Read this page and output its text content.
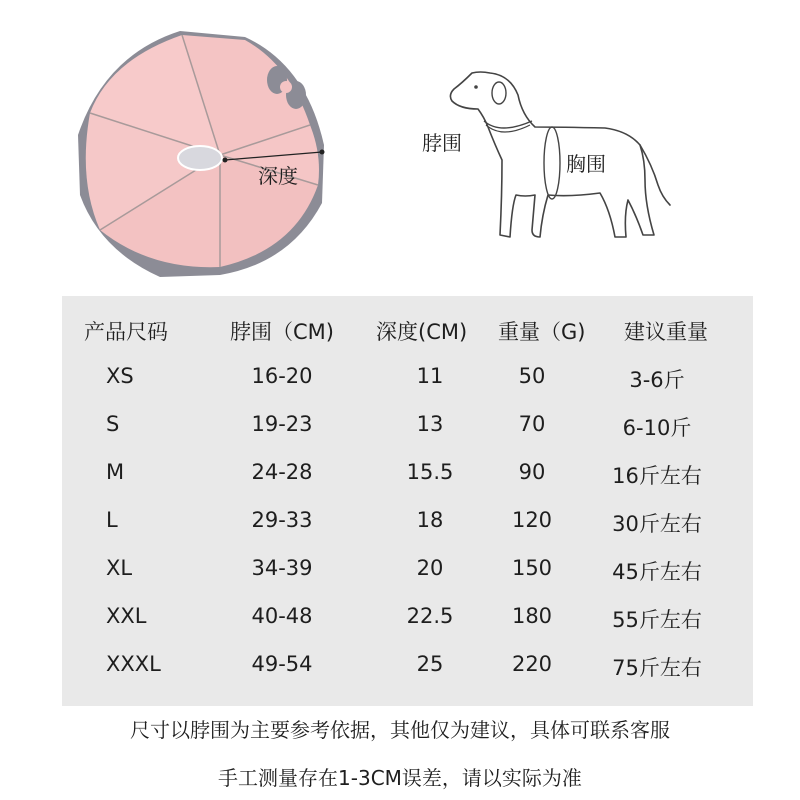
深度
脖围
胸围
产品尺码	脖围（CM) 深度(CM) 重量（G) 建议重量
XS	16-20	11	50	3-6斤
S	19-23	13	70	6-10斤
M	24-28	15.5	90	16斤左右
L	29-33	18	120	30斤左右
XL	34-39	20	150	45斤左右
XXL	40-48	22.5	180	55斤左右
XXXL	49-54	25	220	75斤左右
尺寸以脖围为主要参考依据，其他仅为建议，具体可联系客服
手工测量存在1-3CM误差，请以实际为准
